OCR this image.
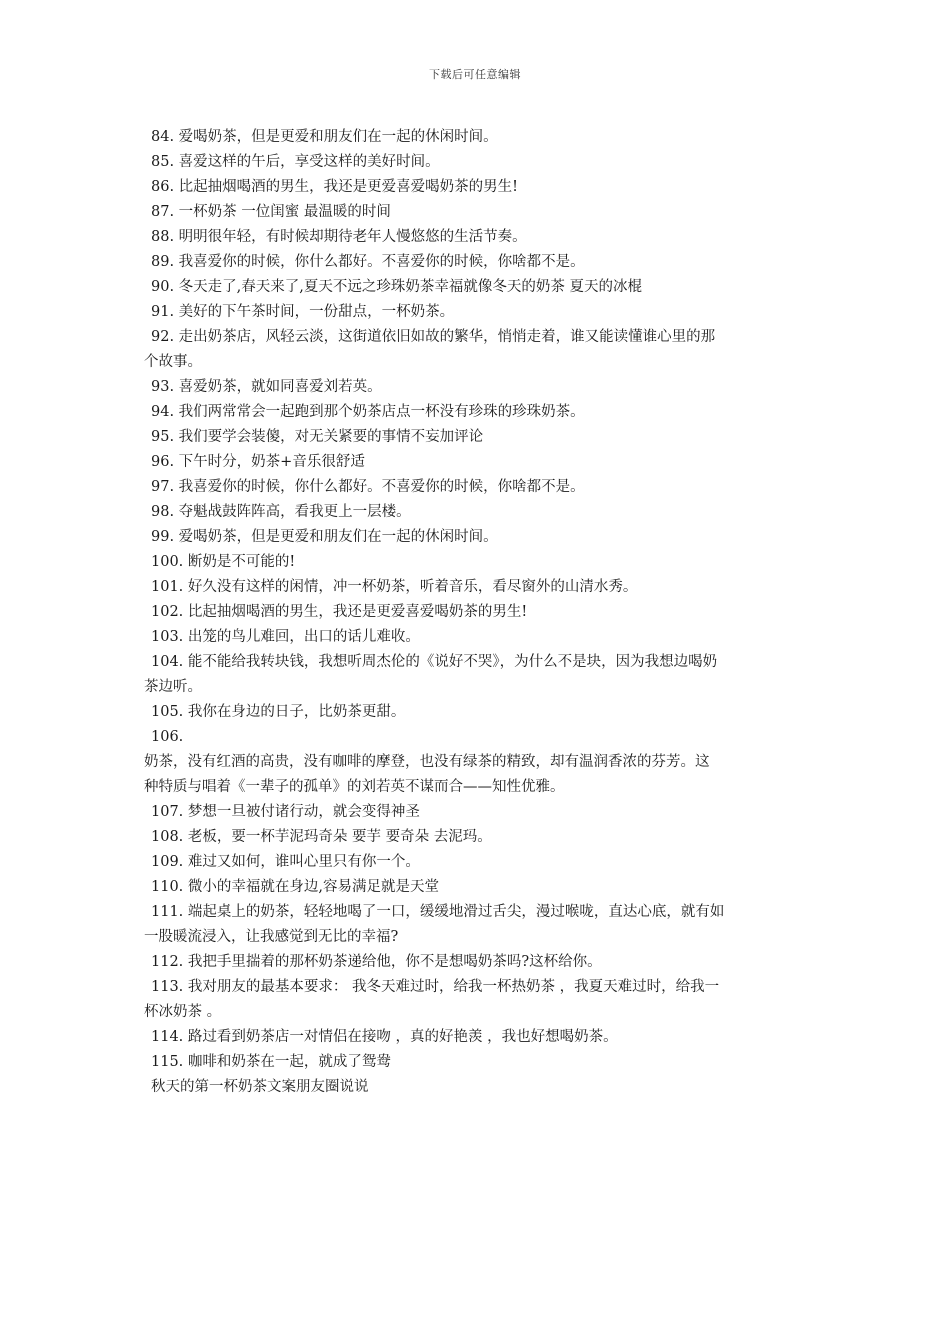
下载后可任意编辑
84. 爱喝奶茶，但是更爱和朋友们在一起的休闲时间。
85. 喜爱这样的午后，享受这样的美好时间。
86. 比起抽烟喝酒的男生，我还是更爱喜爱喝奶茶的男生!
87. 一杯奶茶 一位闺蜜 最温暖的时间
88. 明明很年轻，有时候却期待老年人慢悠悠的生活节奏。
89. 我喜爱你的时候，你什么都好。不喜爱你的时候，你啥都不是。
90. 冬天走了,春天来了,夏天不远之珍珠奶茶幸福就像冬天的奶茶 夏天的冰棍
91. 美好的下午茶时间，一份甜点，一杯奶茶。
92. 走出奶茶店，风轻云淡，这街道依旧如故的繁华，悄悄走着，谁又能读懂谁心里的那
个故事。
93. 喜爱奶茶，就如同喜爱刘若英。
94. 我们两常常会一起跑到那个奶茶店点一杯没有珍珠的珍珠奶茶。
95. 我们要学会装傻，对无关紧要的事情不妄加评论
96. 下午时分，奶茶+音乐很舒适
97. 我喜爱你的时候，你什么都好。不喜爱你的时候，你啥都不是。
98. 夺魁战鼓阵阵高，看我更上一层楼。
99. 爱喝奶茶，但是更爱和朋友们在一起的休闲时间。
100. 断奶是不可能的!
101. 好久没有这样的闲情，冲一杯奶茶，听着音乐，看尽窗外的山清水秀。
102. 比起抽烟喝酒的男生，我还是更爱喜爱喝奶茶的男生!
103. 出笼的鸟儿难回，出口的话儿难收。
104. 能不能给我转块钱，我想听周杰伦的《说好不哭》，为什么不是块，因为我想边喝奶
茶边听。
105. 我你在身边的日子，比奶茶更甜。
106.
奶茶，没有红酒的高贵，没有咖啡的摩登，也没有绿茶的精致，却有温润香浓的芬芳。这
种特质与唱着《一辈子的孤单》的刘若英不谋而合——知性优雅。
107. 梦想一旦被付诸行动，就会变得神圣
108. 老板，要一杯芋泥玛奇朵 要芋 要奇朵 去泥玛。
109. 难过又如何，谁叫心里只有你一个。
110. 微小的幸福就在身边,容易满足就是天堂
111. 端起桌上的奶茶，轻轻地喝了一口，缓缓地滑过舌尖，漫过喉咙，直达心底，就有如
一股暖流浸入，让我感觉到无比的幸福?
112. 我把手里揣着的那杯奶茶递给他，你不是想喝奶茶吗?这杯给你。
113. 我对朋友的最基本要求： 我冬天难过时，给我一杯热奶茶 ，我夏天难过时，给我一
杯冰奶茶 。
114. 路过看到奶茶店一对情侣在接吻 ，真的好艳羡 ，我也好想喝奶茶。
115. 咖啡和奶茶在一起，就成了鸳鸯
秋天的第一杯奶茶文案朋友圈说说
